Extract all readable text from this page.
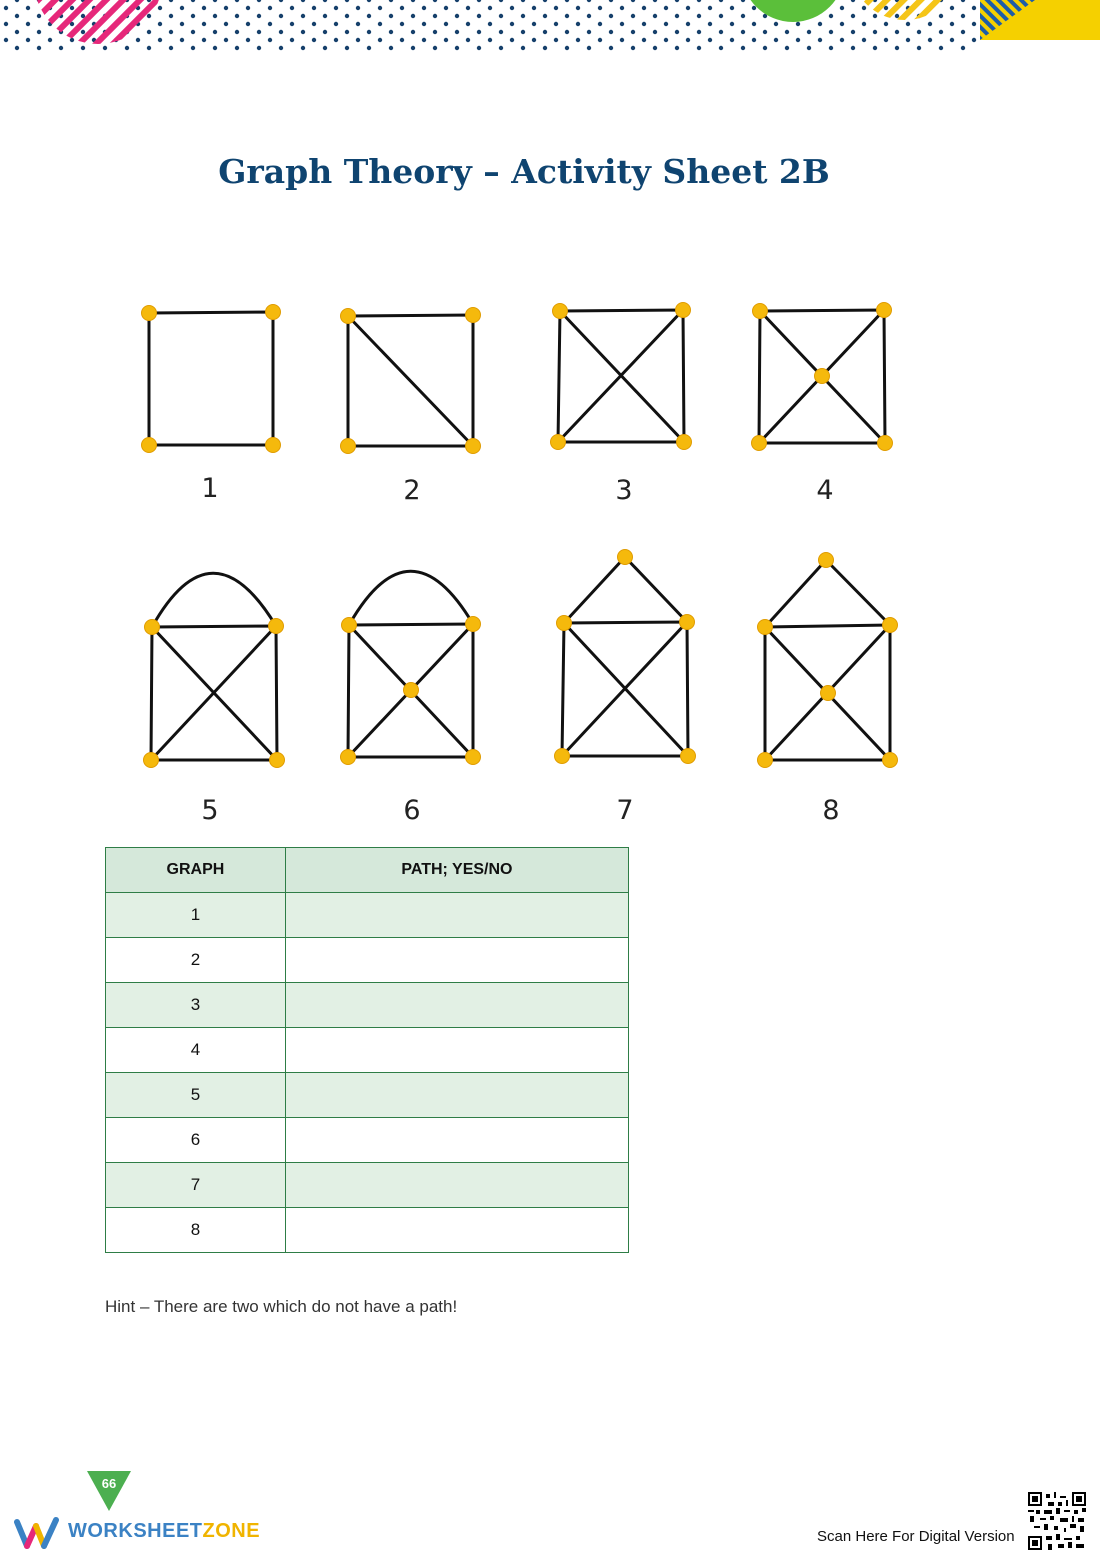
Graph Theory – Activity Sheet 2B
1	2	3	4
5	6	7	8
GRAPH	PATH; YES/NO
1	
2	
3	
4	
5	
6	
7	
8	
Hint – There are two which do not have a path!
66
WORKSHEETZONE	Scan Here For Digital Version
